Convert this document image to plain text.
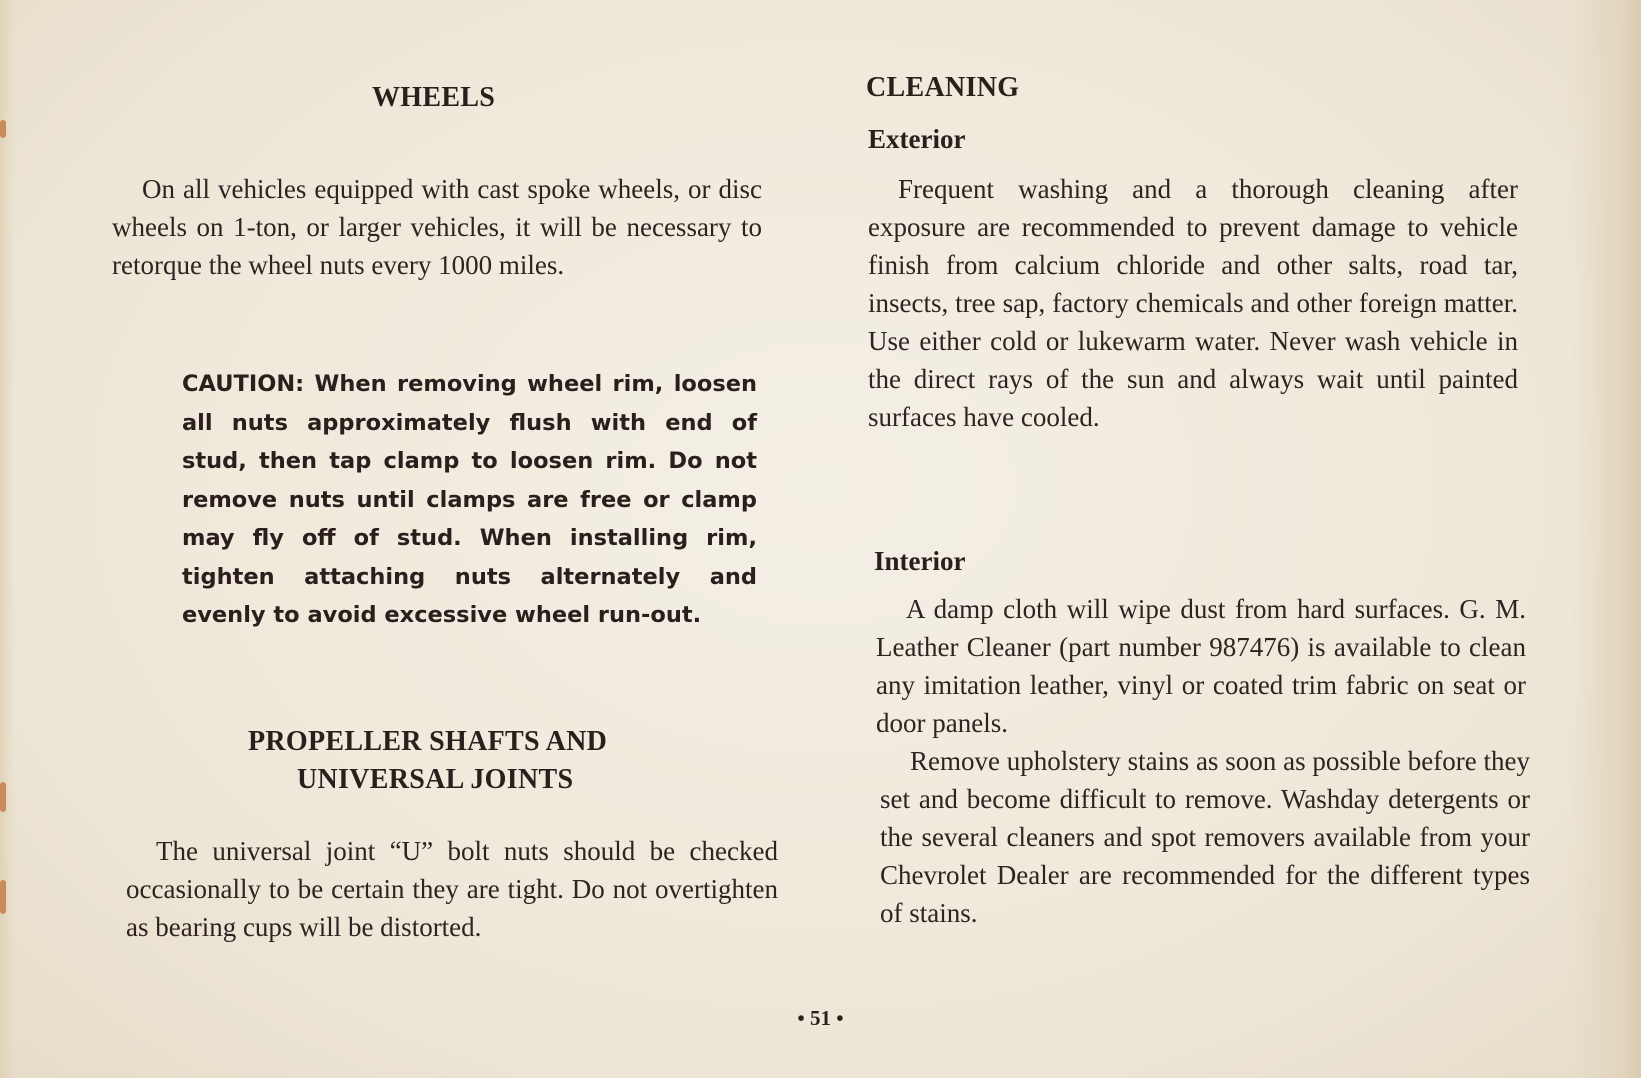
WHEELS

On all vehicles equipped with cast spoke wheels, or disc wheels on 1-ton, or larger vehicles, it will be necessary to retorque the wheel nuts every 1000 miles.

CAUTION: When removing wheel rim, loosen all nuts approximately flush with end of stud, then tap clamp to loosen rim. Do not remove nuts until clamps are free or clamp may fly off of stud. When installing rim, tighten attaching nuts alternately and evenly to avoid excessive wheel run-out.

PROPELLER SHAFTS AND
UNIVERSAL JOINTS

The universal joint “U” bolt nuts should be checked occasionally to be certain they are tight. Do not overtighten as bearing cups will be distorted.

CLEANING
Exterior

Frequent washing and a thorough cleaning after exposure are recommended to prevent damage to vehicle finish from calcium chloride and other salts, road tar, insects, tree sap, factory chemicals and other foreign matter. Use either cold or lukewarm water. Never wash vehicle in the direct rays of the sun and always wait until painted surfaces have cooled.

Interior

A damp cloth will wipe dust from hard surfaces. G. M. Leather Cleaner (part number 987476) is available to clean any imitation leather, vinyl or coated trim fabric on seat or door panels.

Remove upholstery stains as soon as possible before they set and become difficult to remove. Washday detergents or the several cleaners and spot removers available from your Chevrolet Dealer are recommended for the different types of stains.

• 51 •
